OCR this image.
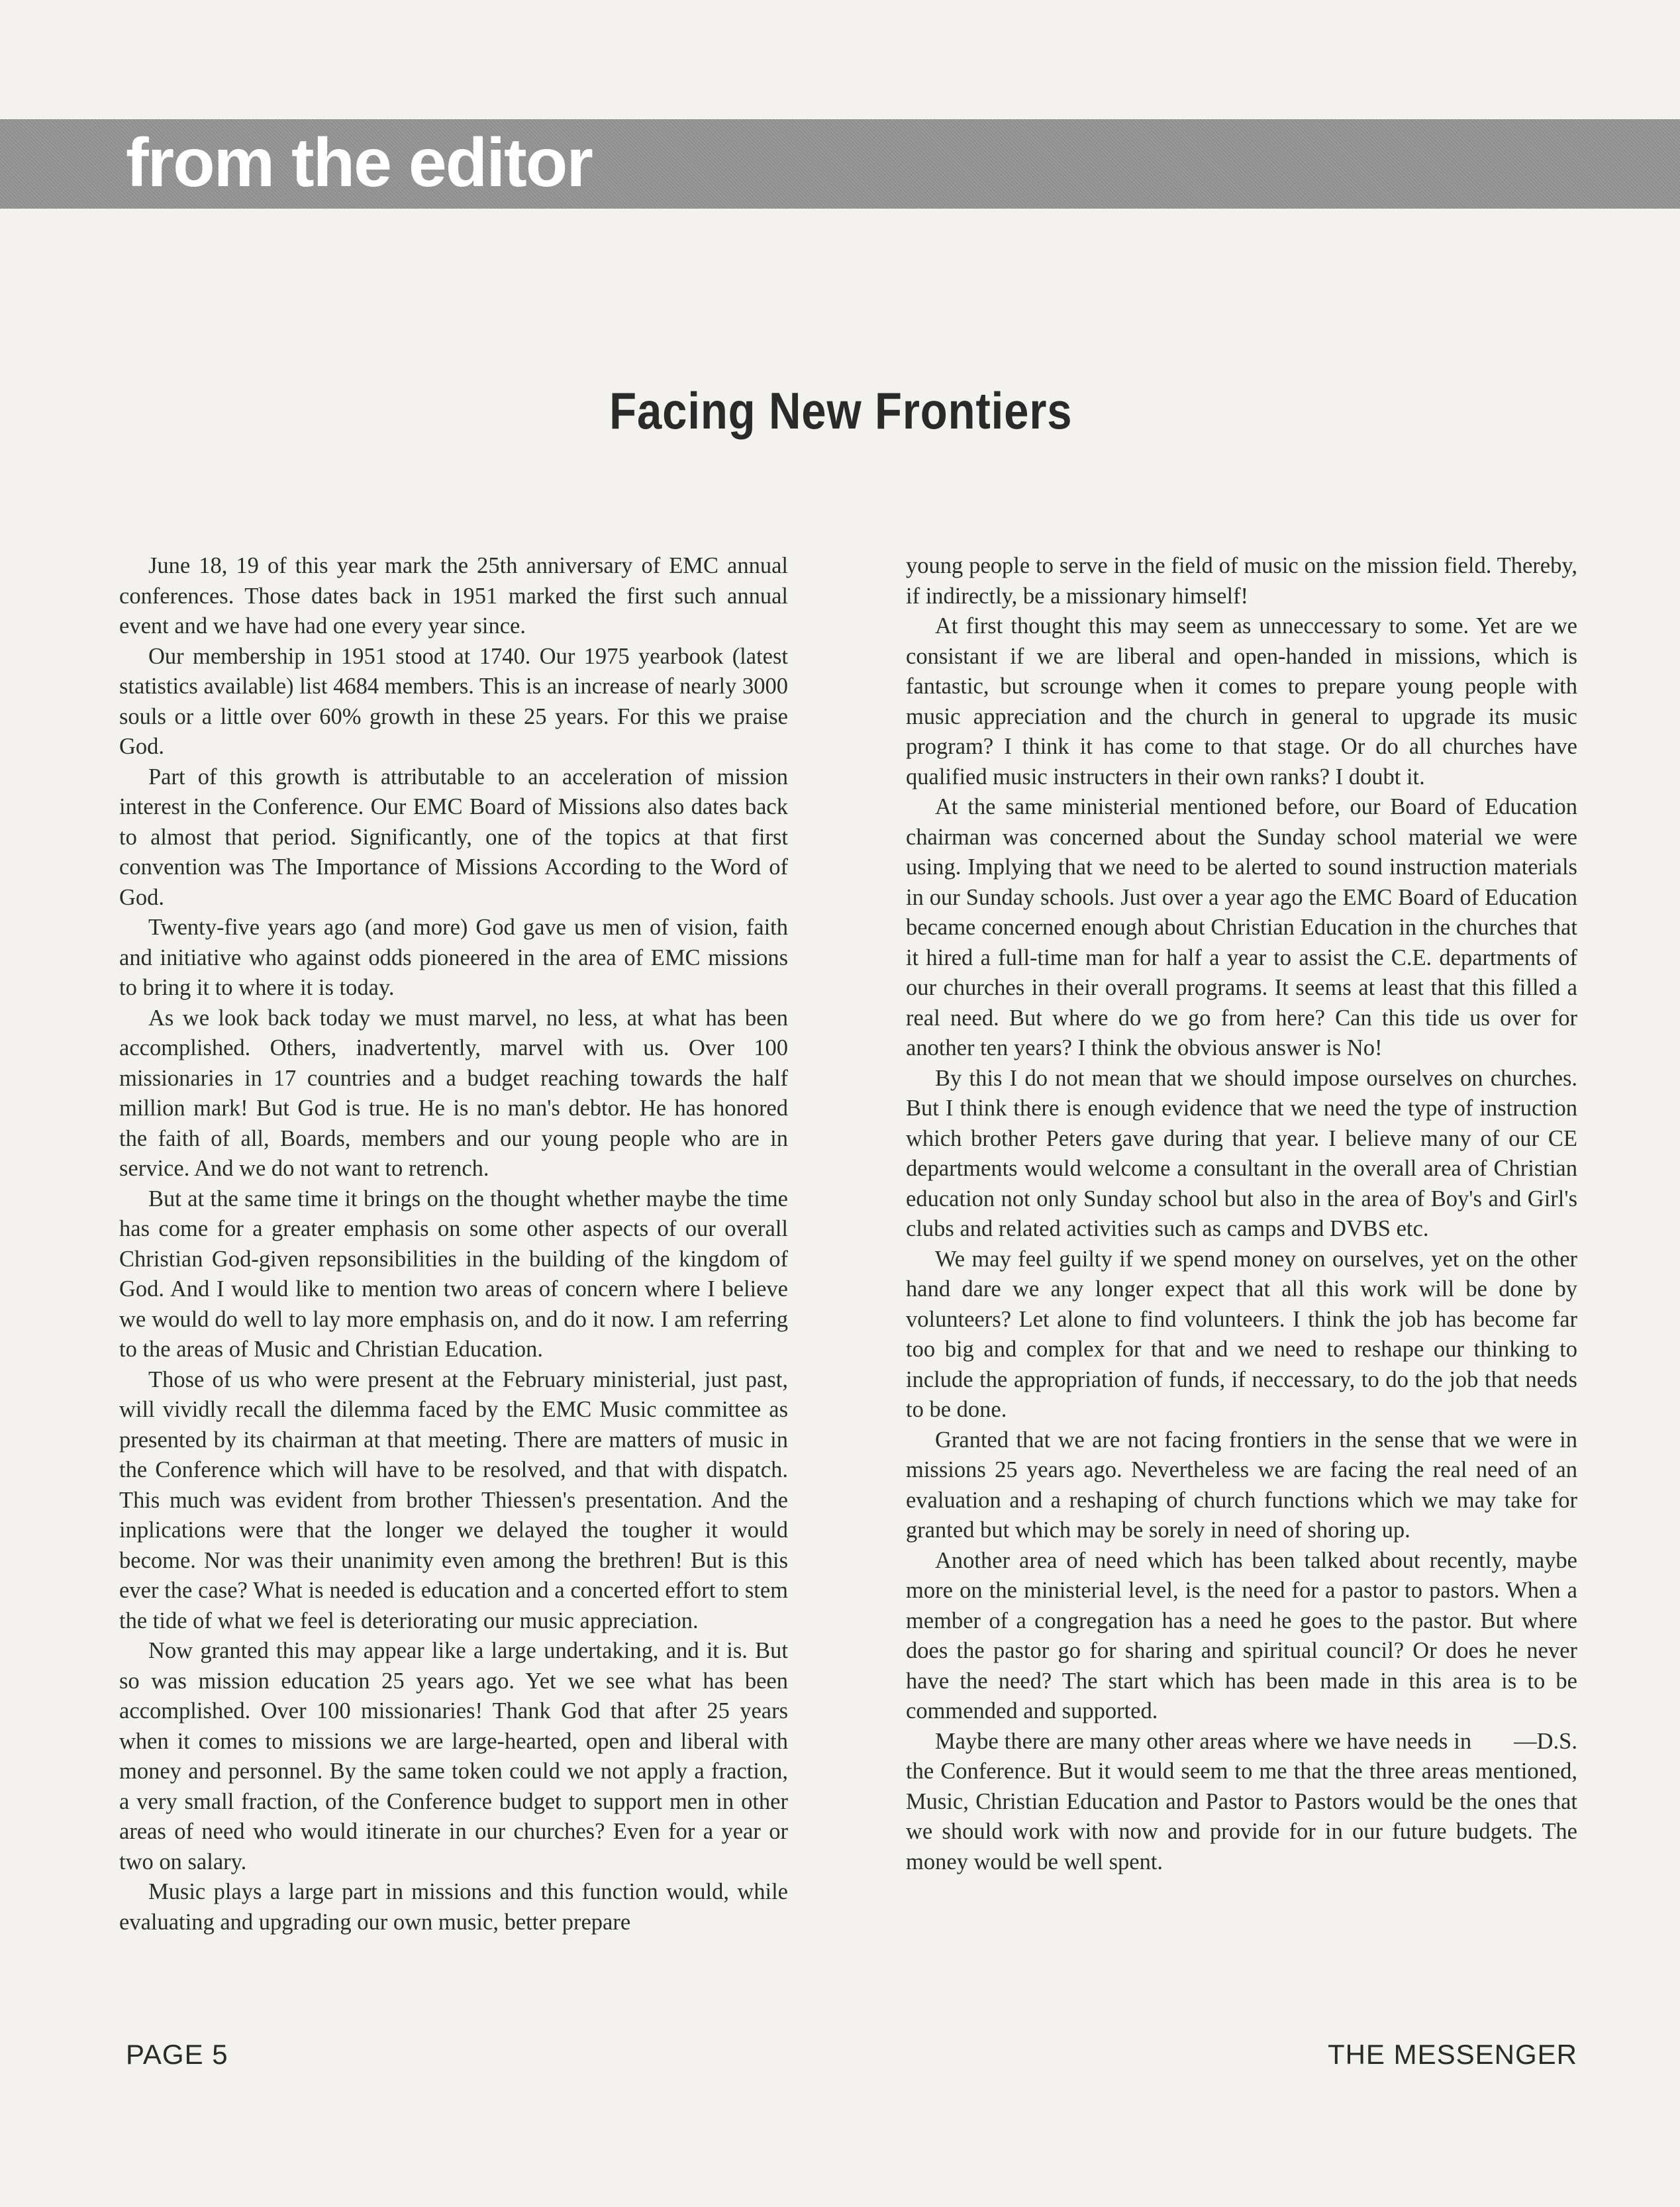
from the editor
Facing New Frontiers

June 18, 19 of this year mark the 25th anniversary of EMC annual conferences. Those dates back in 1951 marked the first such annual event and we have had one every year since.

Our membership in 1951 stood at 1740. Our 1975 yearbook (latest statistics available) list 4684 members. This is an increase of nearly 3000 souls or a little over 60% growth in these 25 years. For this we praise God.

Part of this growth is attributable to an acceleration of mission interest in the Conference. Our EMC Board of Missions also dates back to almost that period. Significantly, one of the topics at that first convention was The Importance of Missions According to the Word of God.

Twenty-five years ago (and more) God gave us men of vision, faith and initiative who against odds pioneered in the area of EMC missions to bring it to where it is today.

As we look back today we must marvel, no less, at what has been accomplished. Others, inadvertently, marvel with us. Over 100 missionaries in 17 countries and a budget reaching towards the half million mark! But God is true. He is no man's debtor. He has honored the faith of all, Boards, members and our young people who are in service. And we do not want to retrench.

But at the same time it brings on the thought whether maybe the time has come for a greater emphasis on some other aspects of our overall Christian God-given repsonsibilities in the building of the kingdom of God. And I would like to mention two areas of concern where I believe we would do well to lay more emphasis on, and do it now. I am referring to the areas of Music and Christian Education.

Those of us who were present at the February ministerial, just past, will vividly recall the dilemma faced by the EMC Music committee as presented by its chairman at that meeting. There are matters of music in the Conference which will have to be resolved, and that with dispatch. This much was evident from brother Thiessen's presentation. And the inplications were that the longer we delayed the tougher it would become. Nor was their unanimity even among the brethren! But is this ever the case? What is needed is education and a concerted effort to stem the tide of what we feel is deteriorating our music appreciation.

Now granted this may appear like a large undertaking, and it is. But so was mission education 25 years ago. Yet we see what has been accomplished. Over 100 missionaries! Thank God that after 25 years when it comes to missions we are large-hearted, open and liberal with money and personnel. By the same token could we not apply a fraction, a very small fraction, of the Conference budget to support men in other areas of need who would itinerate in our churches? Even for a year or two on salary.

Music plays a large part in missions and this function would, while evaluating and upgrading our own music, better prepare

young people to serve in the field of music on the mission field. Thereby, if indirectly, be a missionary himself!

At first thought this may seem as unneccessary to some. Yet are we consistant if we are liberal and open-handed in missions, which is fantastic, but scrounge when it comes to prepare young people with music appreciation and the church in general to upgrade its music program? I think it has come to that stage. Or do all churches have qualified music instructers in their own ranks? I doubt it.

At the same ministerial mentioned before, our Board of Education chairman was concerned about the Sunday school material we were using. Implying that we need to be alerted to sound instruction materials in our Sunday schools. Just over a year ago the EMC Board of Education became concerned enough about Christian Education in the churches that it hired a full-time man for half a year to assist the C.E. departments of our churches in their overall programs. It seems at least that this filled a real need. But where do we go from here? Can this tide us over for another ten years? I think the obvious answer is No!

By this I do not mean that we should impose ourselves on churches. But I think there is enough evidence that we need the type of instruction which brother Peters gave during that year. I believe many of our CE departments would welcome a consultant in the overall area of Christian education not only Sunday school but also in the area of Boy's and Girl's clubs and related activities such as camps and DVBS etc.

We may feel guilty if we spend money on ourselves, yet on the other hand dare we any longer expect that all this work will be done by volunteers? Let alone to find volunteers. I think the job has become far too big and complex for that and we need to reshape our thinking to include the appropriation of funds, if neccessary, to do the job that needs to be done.

Granted that we are not facing frontiers in the sense that we were in missions 25 years ago. Nevertheless we are facing the real need of an evaluation and a reshaping of church functions which we may take for granted but which may be sorely in need of shoring up.

Another area of need which has been talked about recently, maybe more on the ministerial level, is the need for a pastor to pastors. When a member of a congregation has a need he goes to the pastor. But where does the pastor go for sharing and spiritual council? Or does he never have the need? The start which has been made in this area is to be commended and supported.

—D.S.
Maybe there are many other areas where we have needs in the Conference. But it would seem to me that the three areas mentioned, Music, Christian Education and Pastor to Pastors would be the ones that we should work with now and provide for in our future budgets. The money would be well spent.

PAGE 5	THE MESSENGER
